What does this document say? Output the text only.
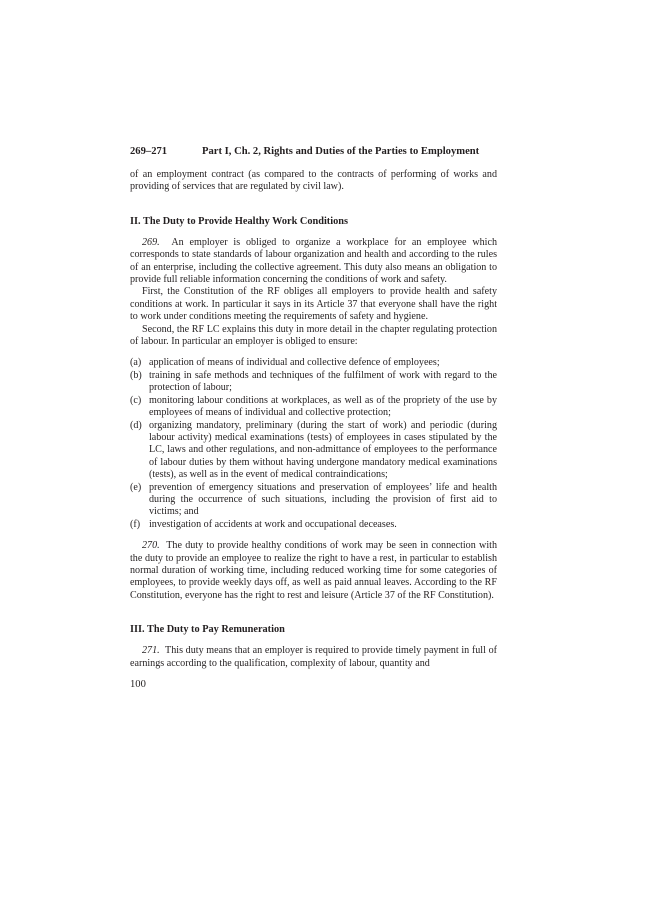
269–271	Part I, Ch. 2, Rights and Duties of the Parties to Employment

of an employment contract (as compared to the contracts of performing of works and providing of services that are regulated by civil law).

II. The Duty to Provide Healthy Work Conditions

269. An employer is obliged to organize a workplace for an employee which corresponds to state standards of labour organization and health and according to the rules of an enterprise, including the collective agreement. This duty also means an obligation to provide full reliable information concerning the conditions of work and safety.

First, the Constitution of the RF obliges all employers to provide health and safety conditions at work. In particular it says in its Article 37 that everyone shall have the right to work under conditions meeting the requirements of safety and hygiene.

Second, the RF LC explains this duty in more detail in the chapter regulating protection of labour. In particular an employer is obliged to ensure:

(a) application of means of individual and collective defence of employees;
(b) training in safe methods and techniques of the fulfilment of work with regard to the protection of labour;
(c) monitoring labour conditions at workplaces, as well as of the propriety of the use by employees of means of individual and collective protection;
(d) organizing mandatory, preliminary (during the start of work) and periodic (during labour activity) medical examinations (tests) of employees in cases stipulated by the LC, laws and other regulations, and non-admittance of employees to the performance of labour duties by them without having undergone mandatory medical examinations (tests), as well as in the event of medical contraindications;
(e) prevention of emergency situations and preservation of employees’ life and health during the occurrence of such situations, including the provision of first aid to victims; and
(f) investigation of accidents at work and occupational deceases.

270. The duty to provide healthy conditions of work may be seen in connection with the duty to provide an employee to realize the right to have a rest, in particular to establish normal duration of working time, including reduced working time for some categories of employees, to provide weekly days off, as well as paid annual leaves. According to the RF Constitution, everyone has the right to rest and leisure (Article 37 of the RF Constitution).

III. The Duty to Pay Remuneration

271. This duty means that an employer is required to provide timely payment in full of earnings according to the qualification, complexity of labour, quantity and

100
